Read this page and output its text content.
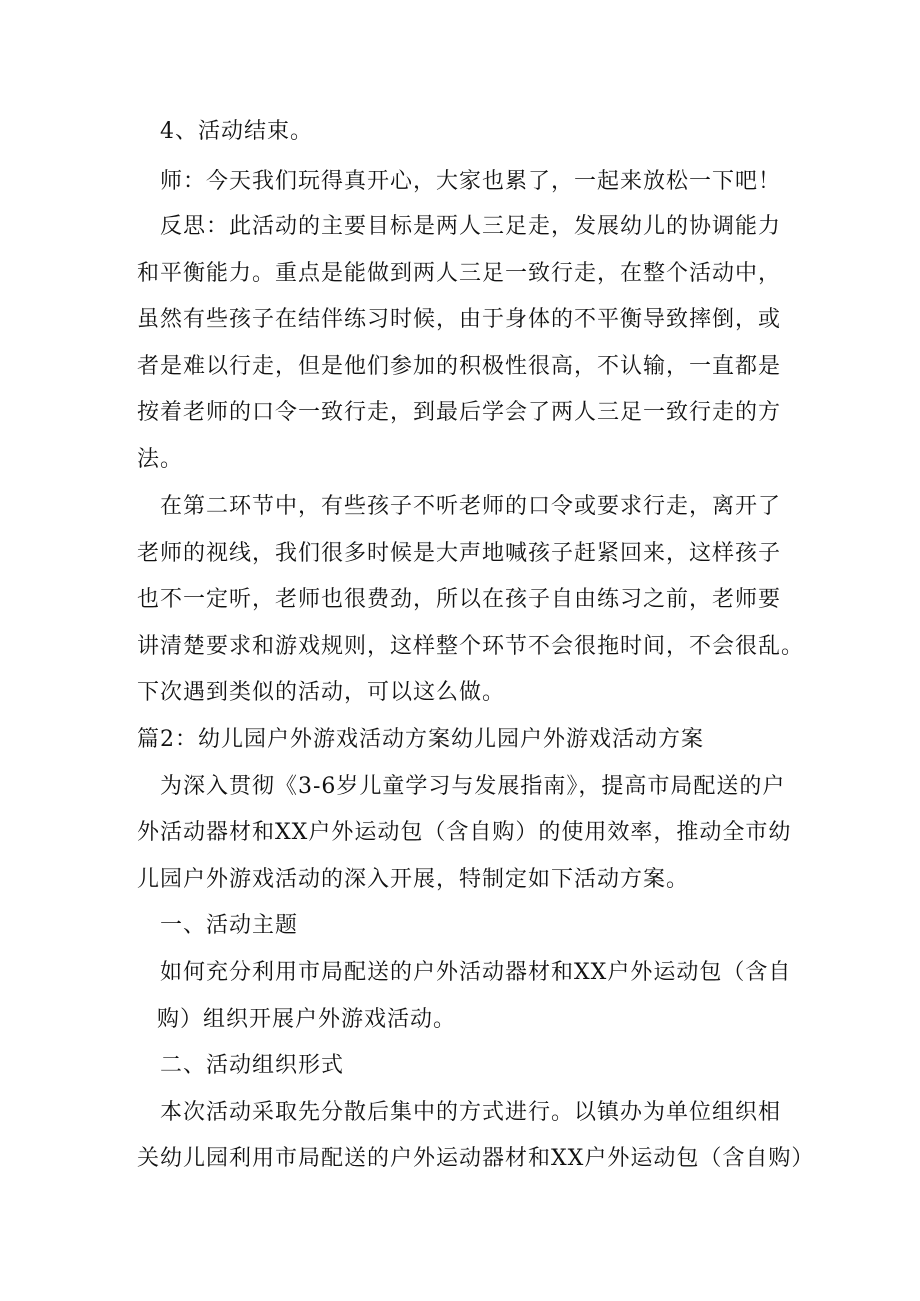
4、活动结束。
师：今天我们玩得真开心，大家也累了，一起来放松一下吧！
反思：此活动的主要目标是两人三足走，发展幼儿的协调能力
和平衡能力。重点是能做到两人三足一致行走，在整个活动中，
虽然有些孩子在结伴练习时候，由于身体的不平衡导致摔倒，或
者是难以行走，但是他们参加的积极性很高，不认输，一直都是
按着老师的口令一致行走，到最后学会了两人三足一致行走的方
法。
在第二环节中，有些孩子不听老师的口令或要求行走，离开了
老师的视线，我们很多时候是大声地喊孩子赶紧回来，这样孩子
也不一定听，老师也很费劲，所以在孩子自由练习之前，老师要
讲清楚要求和游戏规则，这样整个环节不会很拖时间，不会很乱。
下次遇到类似的活动，可以这么做。
篇2：幼儿园户外游戏活动方案幼儿园户外游戏活动方案
为深入贯彻《3-6岁儿童学习与发展指南》，提高市局配送的户
外活动器材和XX户外运动包（含自购）的使用效率，推动全市幼
儿园户外游戏活动的深入开展，特制定如下活动方案。
一、活动主题
如何充分利用市局配送的户外活动器材和XX户外运动包（含自
购）组织开展户外游戏活动。
二、活动组织形式
本次活动采取先分散后集中的方式进行。以镇办为单位组织相
关幼儿园利用市局配送的户外运动器材和XX户外运动包（含自购）
